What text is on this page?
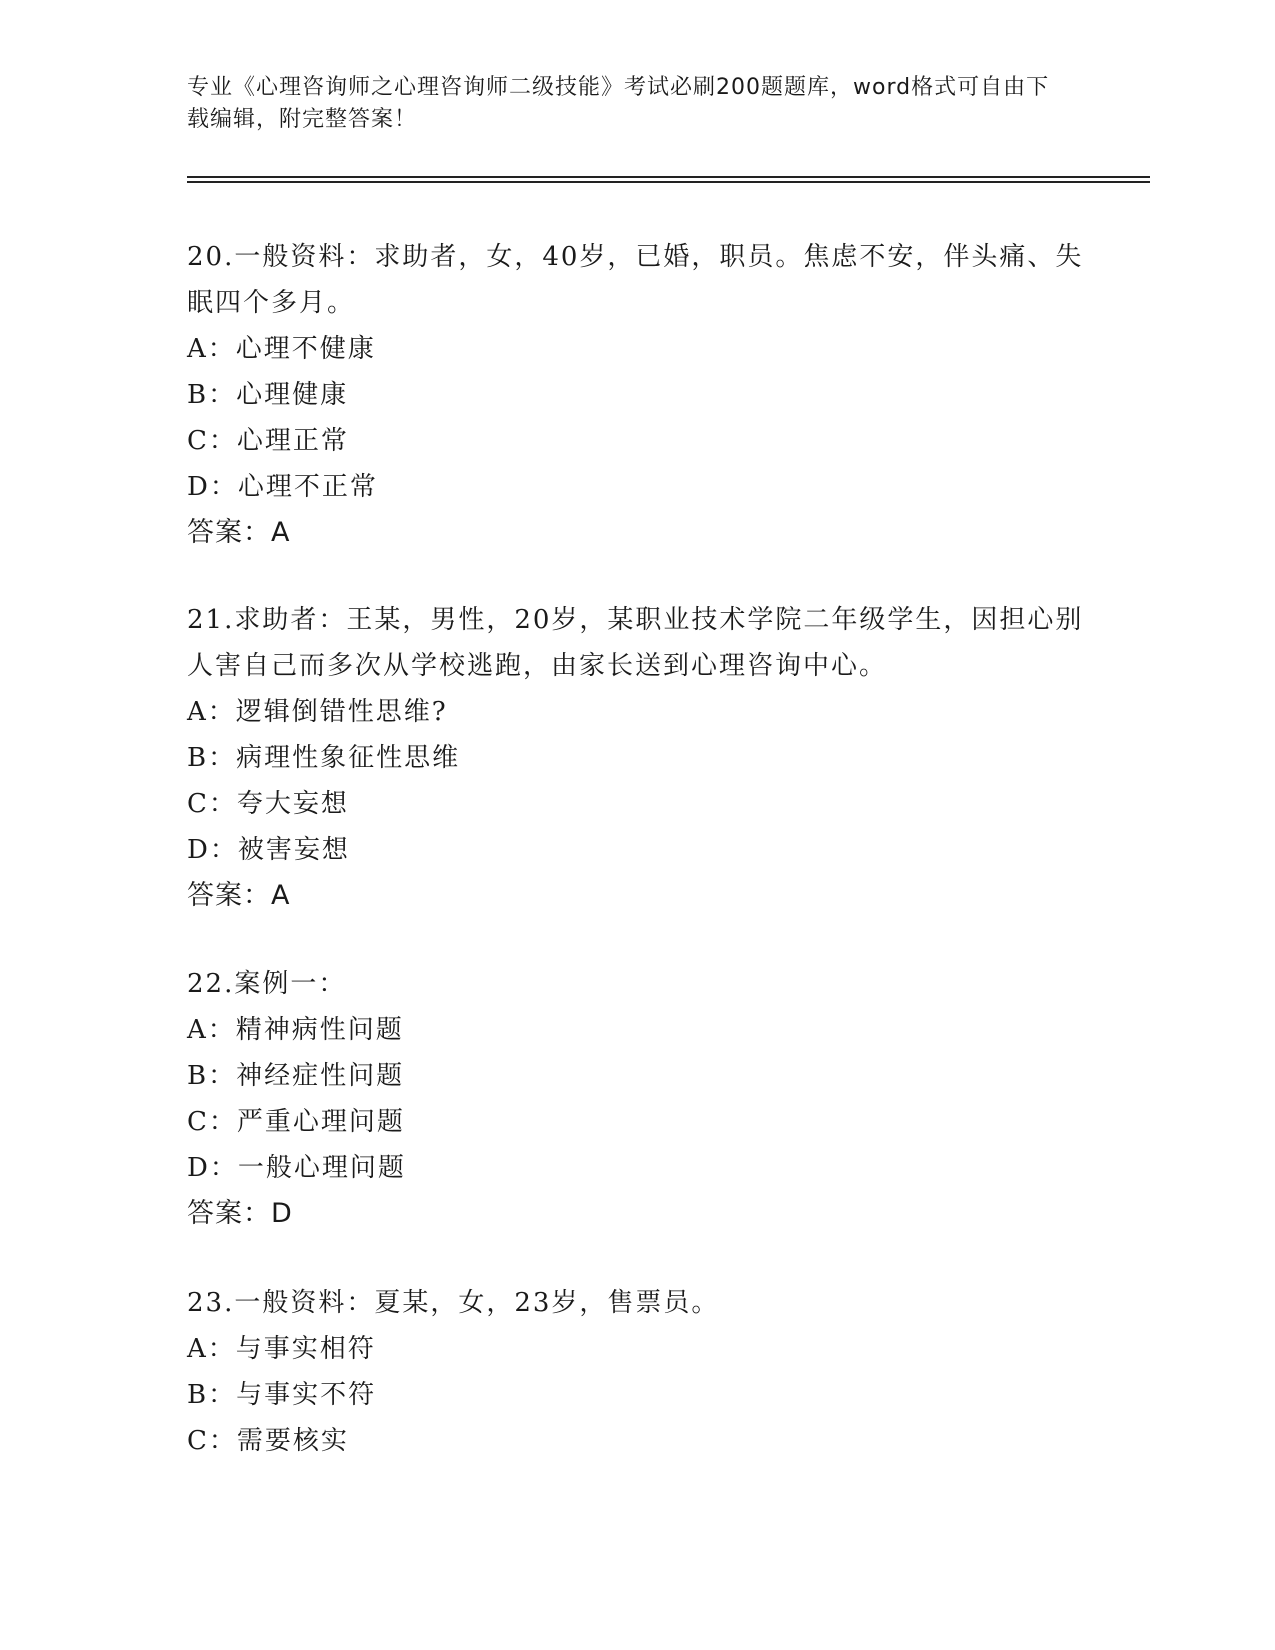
专业《心理咨询师之心理咨询师二级技能》考试必刷200题题库，word格式可自由下载编辑，附完整答案！
20.一般资料：求助者，女，40岁，已婚，职员。焦虑不安，伴头痛、失眠四个多月。
A：心理不健康
B：心理健康
C：心理正常
D：心理不正常
答案：A
21.求助者：王某，男性，20岁，某职业技术学院二年级学生，因担心别人害自己而多次从学校逃跑，由家长送到心理咨询中心。
A：逻辑倒错性思维?
B：病理性象征性思维
C：夸大妄想
D：被害妄想
答案：A
22.案例一：
A：精神病性问题
B：神经症性问题
C：严重心理问题
D：一般心理问题
答案：D
23.一般资料：夏某，女，23岁，售票员。
A：与事实相符
B：与事实不符
C：需要核实
